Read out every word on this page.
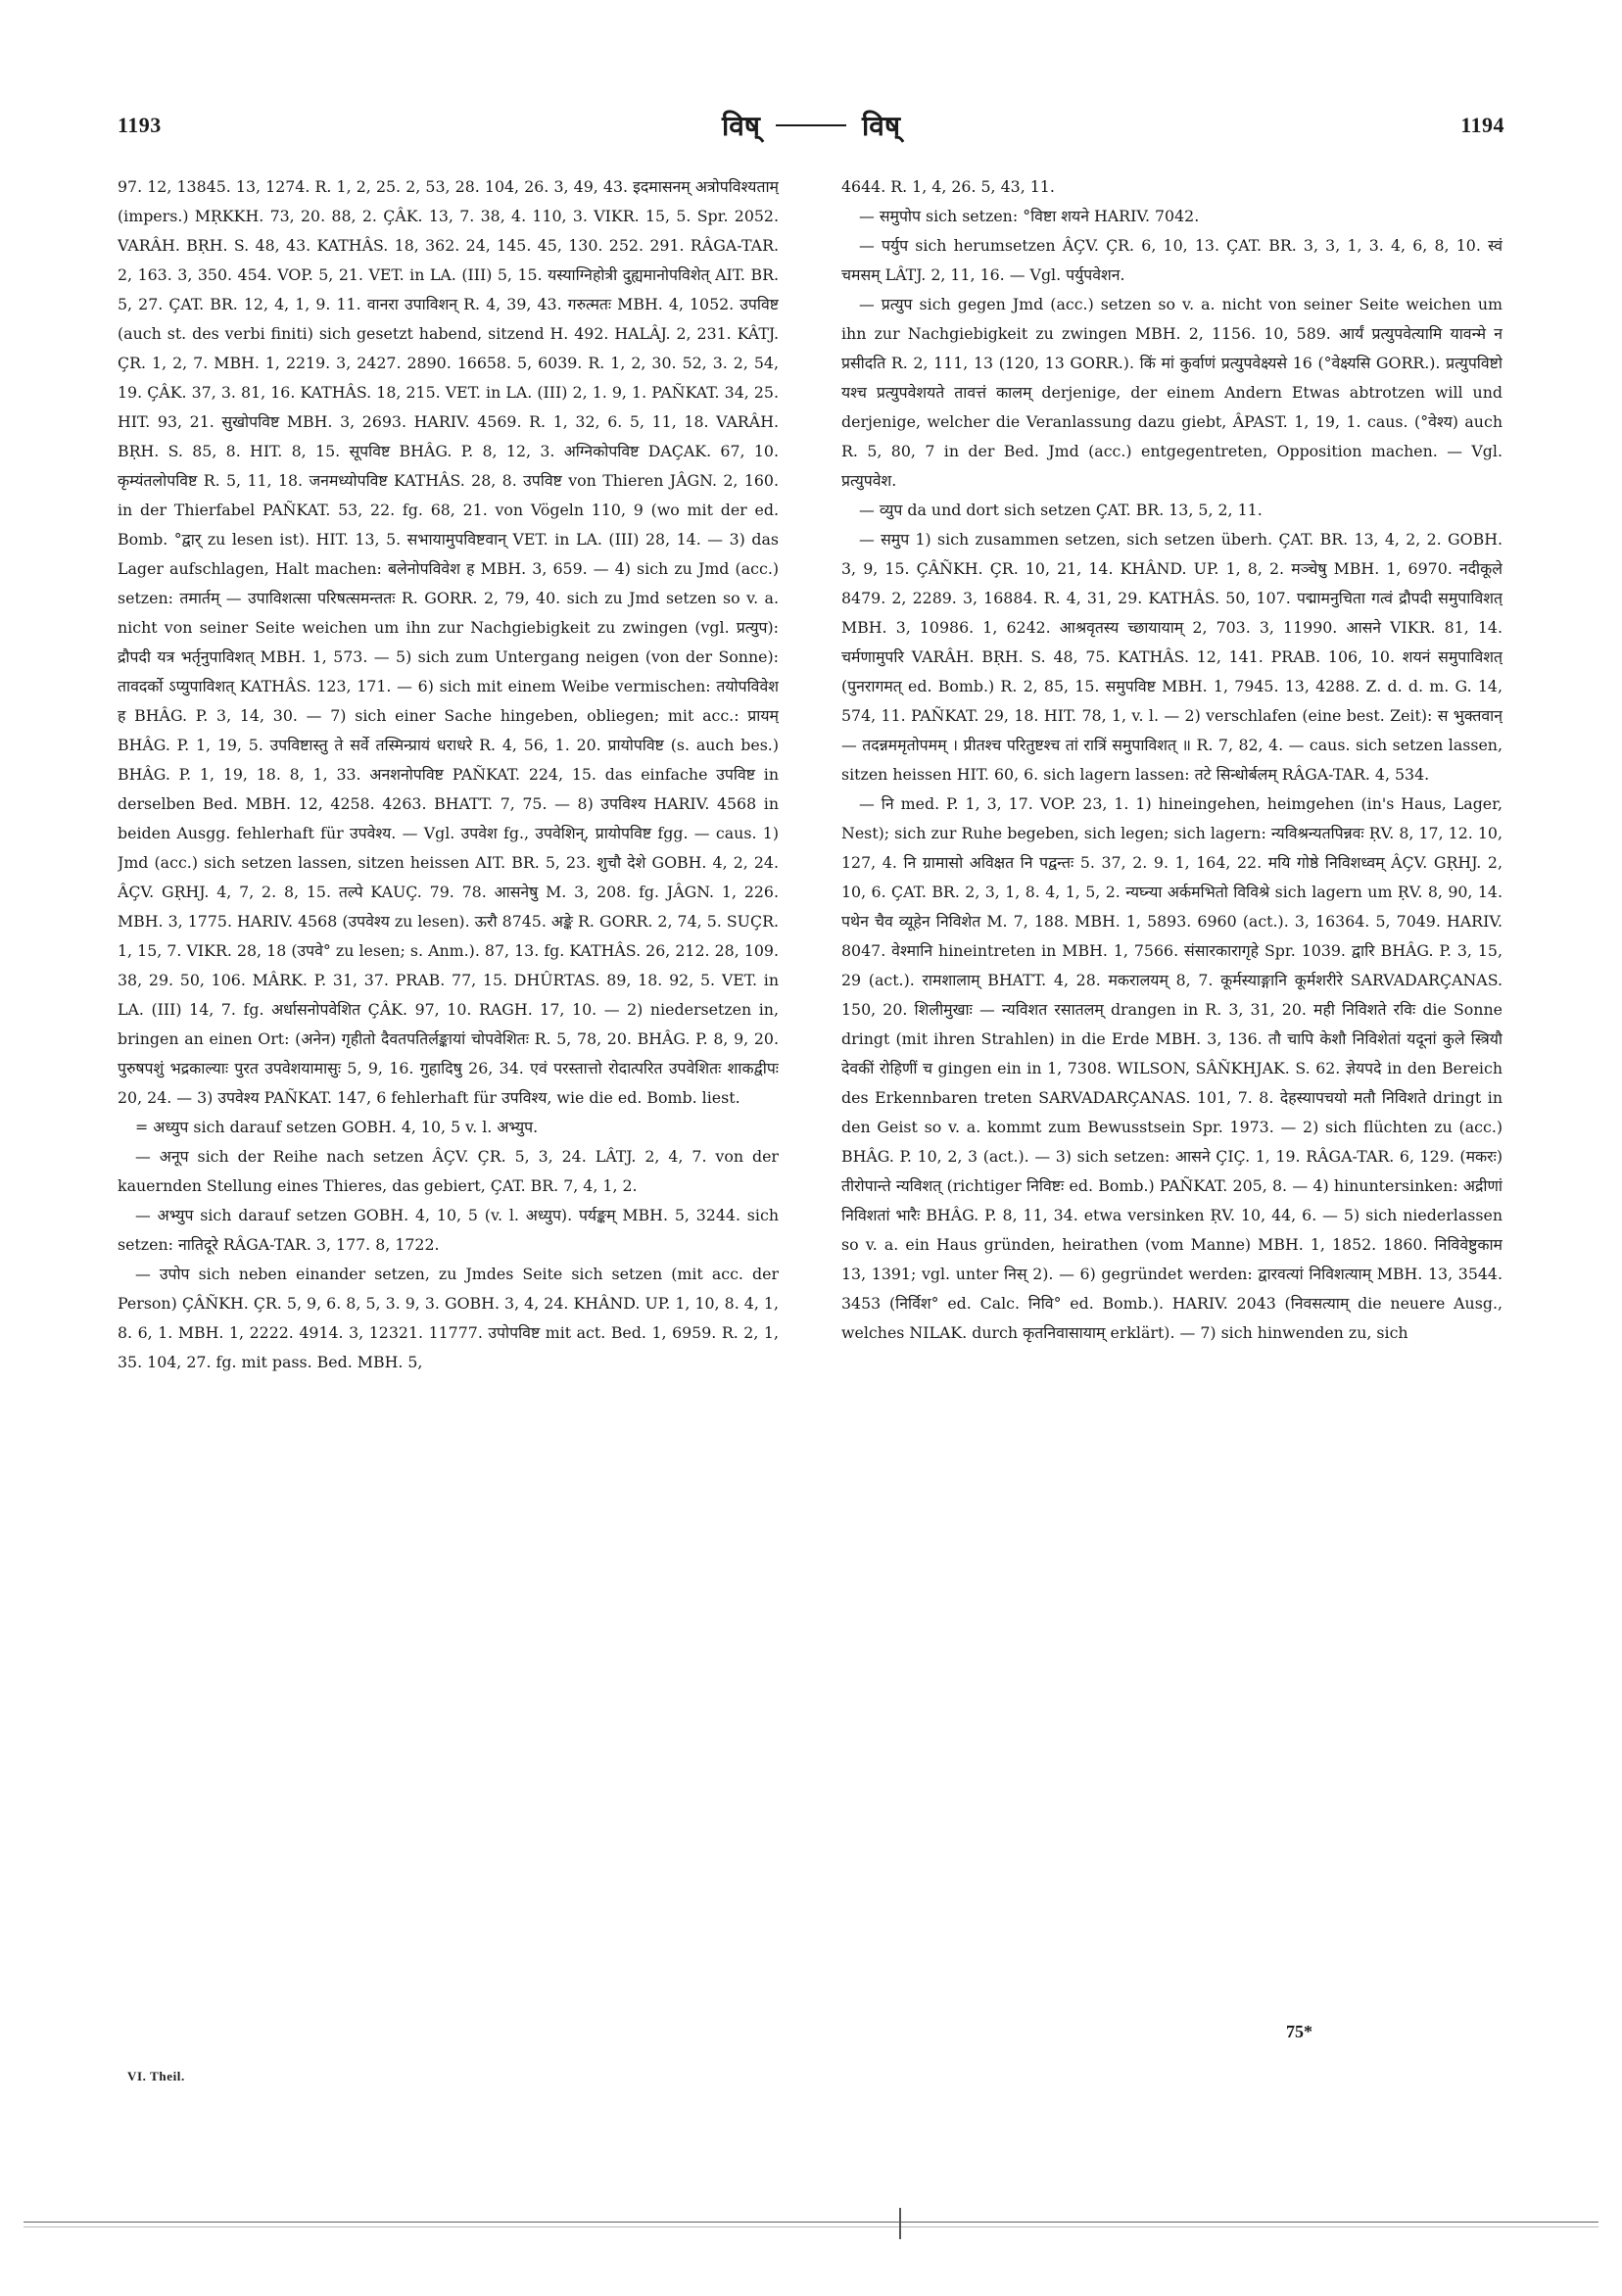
1193	विष्	विष्	1194

97. 12, 13845. 13, 1274. R. 1, 2, 25. 2, 53, 28. 104, 26. 3, 49, 43. इदमासनम् अत्रोपविश्यताम् (impers.) MṚKKH. 73, 20. 88, 2. ÇÂK. 13, 7. 38, 4. 110, 3. VIKR. 15, 5. Spr. 2052. VARÂH. BṚH. S. 48, 43. KATHÂS. 18, 362. 24, 145. 45, 130. 252. 291. RÂGA-TAR. 2, 163. 3, 350. 454. VOP. 5, 21. VET. in LA. (III) 5, 15. यस्याग्निहोत्री दुह्यमानोपविशेत् AIT. BR. 5, 27. ÇAT. BR. 12, 4, 1, 9. 11. वानरा उपाविशन् R. 4, 39, 43. गरुत्मतः MBH. 4, 1052. उपविष्ट (auch st. des verbi finiti) sich gesetzt habend, sitzend H. 492. HALÂJ. 2, 231. KÂTJ. ÇR. 1, 2, 7. MBH. 1, 2219. 3, 2427. 2890. 16658. 5, 6039. R. 1, 2, 30. 52, 3. 2, 54, 19. ÇÂK. 37, 3. 81, 16. KATHÂS. 18, 215. VET. in LA. (III) 2, 1. 9, 1. PAÑKAT. 34, 25. HIT. 93, 21. सुखोपविष्ट MBH. 3, 2693. HARIV. 4569. R. 1, 32, 6. 5, 11, 18. VARÂH. BṚH. S. 85, 8. HIT. 8, 15. सूपविष्ट BHÂG. P. 8, 12, 3. अग्निकोपविष्ट DAÇAK. 67, 10. कृम्यंतलोपविष्ट R. 5, 11, 18. जनमध्योपविष्ट KATHÂS. 28, 8. उपविष्ट von Thieren JÂGN. 2, 160. in der Thierfabel PAÑKAT. 53, 22. fg. 68, 21. von Vögeln 110, 9 (wo mit der ed. Bomb. °द्वार् zu lesen ist). HIT. 13, 5. सभायामुपविष्टवान् VET. in LA. (III) 28, 14. — 3) das Lager aufschlagen, Halt machen: बलेनोपविवेश ह MBH. 3, 659. — 4) sich zu Jmd (acc.) setzen: तमार्तम् — उपाविशत्सा परिषत्समन्ततः R. GORR. 2, 79, 40. sich zu Jmd setzen so v. a. nicht von seiner Seite weichen um ihn zur Nachgiebigkeit zu zwingen (vgl. प्रत्युप): द्रौपदी यत्र भर्तृनुपाविशत् MBH. 1, 573. — 5) sich zum Untergang neigen (von der Sonne): तावदर्को ऽप्युपाविशत् KATHÂS. 123, 171. — 6) sich mit einem Weibe vermischen: तयोपविवेश ह BHÂG. P. 3, 14, 30. — 7) sich einer Sache hingeben, obliegen; mit acc.: प्रायम् BHÂG. P. 1, 19, 5. उपविष्टास्तु ते सर्वे तस्मिन्प्रायं धराधरे R. 4, 56, 1. 20. प्रायोपविष्ट (s. auch bes.) BHÂG. P. 1, 19, 18. 8, 1, 33. अनशनोपविष्ट PAÑKAT. 224, 15. das einfache उपविष्ट in derselben Bed. MBH. 12, 4258. 4263. BHATT. 7, 75. — 8) उपविश्य HARIV. 4568 in beiden Ausgg. fehlerhaft für उपवेश्य. — Vgl. उपवेश fg., उपवेशिन्, प्रायोपविष्ट fgg. — caus. 1) Jmd (acc.) sich setzen lassen, sitzen heissen AIT. BR. 5, 23. शुचौ देशे GOBH. 4, 2, 24. ÂÇV. GṚHJ. 4, 7, 2. 8, 15. तल्पे KAUÇ. 79. 78. आसनेषु M. 3, 208. fg. JÂGN. 1, 226. MBH. 3, 1775. HARIV. 4568 (उपवेश्य zu lesen). ऊरौ 8745. अङ्के R. GORR. 2, 74, 5. SUÇR. 1, 15, 7. VIKR. 28, 18 (उपवे° zu lesen; s. Anm.). 87, 13. fg. KATHÂS. 26, 212. 28, 109. 38, 29. 50, 106. MÂRK. P. 31, 37. PRAB. 77, 15. DHÛRTAS. 89, 18. 92, 5. VET. in LA. (III) 14, 7. fg. अर्धासनोपवेशित ÇÂK. 97, 10. RAGH. 17, 10. — 2) niedersetzen in, bringen an einen Ort: (अनेन) गृहीतो दैवतपतिर्लङ्कायां चोपवेशितः R. 5, 78, 20. BHÂG. P. 8, 9, 20. पुरुषपशुं भद्रकाल्याः पुरत उपवेशयामासुः 5, 9, 16. गुहादिषु 26, 34. एवं परस्तात्तो रोदात्परित उपवेशितः शाकद्वीपः 20, 24. — 3) उपवेश्य PAÑKAT. 147, 6 fehlerhaft für उपविश्य, wie die ed. Bomb. liest.

= अध्युप sich darauf setzen GOBH. 4, 10, 5 v. l. अभ्युप.

— अनूप sich der Reihe nach setzen ÂÇV. ÇR. 5, 3, 24. LÂTJ. 2, 4, 7. von der kauernden Stellung eines Thieres, das gebiert, ÇAT. BR. 7, 4, 1, 2.

— अभ्युप sich darauf setzen GOBH. 4, 10, 5 (v. l. अध्युप). पर्यङ्कम् MBH. 5, 3244. sich setzen: नातिदूरे RÂGA-TAR. 3, 177. 8, 1722.

— उपोप sich neben einander setzen, zu Jmdes Seite sich setzen (mit acc. der Person) ÇÂÑKH. ÇR. 5, 9, 6. 8, 5, 3. 9, 3. GOBH. 3, 4, 24. KHÂND. UP. 1, 10, 8. 4, 1, 8. 6, 1. MBH. 1, 2222. 4914. 3, 12321. 11777. उपोपविष्ट mit act. Bed. 1, 6959. R. 2, 1, 35. 104, 27. fg. mit pass. Bed. MBH. 5,

4644. R. 1, 4, 26. 5, 43, 11.

— समुपोप sich setzen: °विष्टा शयने HARIV. 7042.

— पर्युप sich herumsetzen ÂÇV. ÇR. 6, 10, 13. ÇAT. BR. 3, 3, 1, 3. 4, 6, 8, 10. स्वं चमसम् LÂTJ. 2, 11, 16. — Vgl. पर्युपवेशन.

— प्रत्युप sich gegen Jmd (acc.) setzen so v. a. nicht von seiner Seite weichen um ihn zur Nachgiebigkeit zu zwingen MBH. 2, 1156. 10, 589. आर्यं प्रत्युपवेत्यामि यावन्मे न प्रसीदति R. 2, 111, 13 (120, 13 GORR.). किं मां कुर्वाणं प्रत्युपवेक्ष्यसे 16 (°वेक्ष्यसि GORR.). प्रत्युपविष्टो यश्च प्रत्युपवेशयते तावत्तं कालम् derjenige, der einem Andern Etwas abtrotzen will und derjenige, welcher die Veranlassung dazu giebt, ÂPAST. 1, 19, 1. caus. (°वेश्य) auch R. 5, 80, 7 in der Bed. Jmd (acc.) entgegentreten, Opposition machen. — Vgl. प्रत्युपवेश.

— व्युप da und dort sich setzen ÇAT. BR. 13, 5, 2, 11.

— समुप 1) sich zusammen setzen, sich setzen überh. ÇAT. BR. 13, 4, 2, 2. GOBH. 3, 9, 15. ÇÂÑKH. ÇR. 10, 21, 14. KHÂND. UP. 1, 8, 2. मञ्चेषु MBH. 1, 6970. नदीकूले 8479. 2, 2289. 3, 16884. R. 4, 31, 29. KATHÂS. 50, 107. पद्मामनुचिता गत्वं द्रौपदी समुपाविशत् MBH. 3, 10986. 1, 6242. आश्रवृतस्य च्छायायाम् 2, 703. 3, 11990. आसने VIKR. 81, 14. चर्मणामुपरि VARÂH. BṚH. S. 48, 75. KATHÂS. 12, 141. PRAB. 106, 10. शयनं समुपाविशत् (पुनरागमत् ed. Bomb.) R. 2, 85, 15. समुपविष्ट MBH. 1, 7945. 13, 4288. Z. d. d. m. G. 14, 574, 11. PAÑKAT. 29, 18. HIT. 78, 1, v. l. — 2) verschlafen (eine best. Zeit): स भुक्तवान् — तदन्नममृतोपमम् । प्रीतश्च परितुष्टश्च तां रात्रिं समुपाविशत् ॥ R. 7, 82, 4. — caus. sich setzen lassen, sitzen heissen HIT. 60, 6. sich lagern lassen: तटे सिन्धोर्बलम् RÂGA-TAR. 4, 534.

— नि med. P. 1, 3, 17. VOP. 23, 1. 1) hineingehen, heimgehen (in's Haus, Lager, Nest); sich zur Ruhe begeben, sich legen; sich lagern: न्यविश्रन्यतपिन्नवः ṚV. 8, 17, 12. 10, 127, 4. नि ग्रामासो अविक्षत नि पद्वन्तः 5. 37, 2. 9. 1, 164, 22. मयि गोष्ठे निविशध्वम् ÂÇV. GṚHJ. 2, 10, 6. ÇAT. BR. 2, 3, 1, 8. 4, 1, 5, 2. न्यघ्न्या अर्कमभितो विविश्रे sich lagern um ṚV. 8, 90, 14. पथेन चैव व्यूहेन निविशेत M. 7, 188. MBH. 1, 5893. 6960 (act.). 3, 16364. 5, 7049. HARIV. 8047. वेश्मानि hineintreten in MBH. 1, 7566. संसारकारागृहे Spr. 1039. द्वारि BHÂG. P. 3, 15, 29 (act.). रामशालाम् BHATT. 4, 28. मकरालयम् 8, 7. कूर्मस्याङ्गानि कूर्मशरीरे SARVADARÇANAS. 150, 20. शिलीमुखाः — न्यविशत रसातलम् drangen in R. 3, 31, 20. मही निविशते रविः die Sonne dringt (mit ihren Strahlen) in die Erde MBH. 3, 136. तौ चापि केशौ निविशेतां यदूनां कुले स्त्रियौ देवकीं रोहिणीं च gingen ein in 1, 7308. WILSON, SÂÑKHJAK. S. 62. ज्ञेयपदे in den Bereich des Erkennbaren treten SARVADARÇANAS. 101, 7. 8. देहस्यापचयो मतौ निविशते dringt in den Geist so v. a. kommt zum Bewusstsein Spr. 1973. — 2) sich flüchten zu (acc.) BHÂG. P. 10, 2, 3 (act.). — 3) sich setzen: आसने ÇIÇ. 1, 19. RÂGA-TAR. 6, 129. (मकरः) तीरोपान्ते न्यविशत् (richtiger निविष्टः ed. Bomb.) PAÑKAT. 205, 8. — 4) hinuntersinken: अद्रीणां निविशतां भारैः BHÂG. P. 8, 11, 34. etwa versinken ṚV. 10, 44, 6. — 5) sich niederlassen so v. a. ein Haus gründen, heirathen (vom Manne) MBH. 1, 1852. 1860. निविवेष्टुकाम 13, 1391; vgl. unter निस् 2). — 6) gegründet werden: द्वारवत्यां निविशत्याम् MBH. 13, 3544. 3453 (निर्विश° ed. Calc. निवि° ed. Bomb.). HARIV. 2043 (निवसत्याम् die neuere Ausg., welches NILAK. durch कृतनिवासायाम् erklärt). — 7) sich hinwenden zu, sich

VI. Theil.
75*
